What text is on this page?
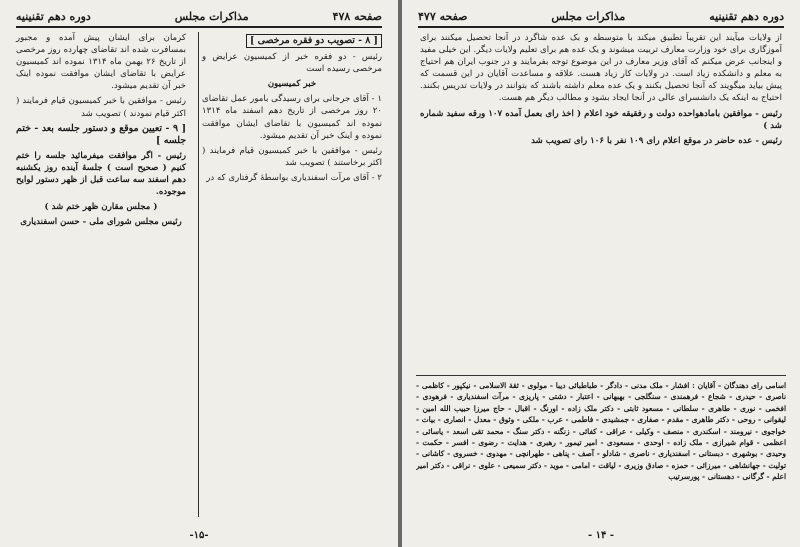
صفحه ۴۷۸
مذاکرات مجلس
دوره دهم تقنینیه
[ ۸ - تصویب دو فقره مرخصی ]

رئیس - دو فقره خبر از کمیسیون عرایض و مرخصی رسیده است

خبر کمیسیون

۱ - آقای جرجانی برای رسیدگی بامور عمل تقاضای ۲۰ روز مرخصی از تاریخ دهم اسفند ماه ۱۳۱۴ نموده اند کمیسیون با تقاضای ایشان موافقت نموده و اینک خبر آن تقدیم میشود.

رئیس - موافقین با خبر کمیسیون قیام فرمایند ( اکثر برخاستند ) تصویب شد

۲ - آقای مرآت اسفندیاری بواسطهٔ گرفتاری که در

کرمان برای ایشان پیش آمده و مجبور بمسافرت شده اند تقاضای چهارده روز مرخصی از تاریخ ۲۶ بهمن ماه ۱۳۱۴ نموده اند کمیسیون عرایض با تقاضای ایشان موافقت نموده اینک خبر آن تقدیم میشود.

رئیس - موافقین با خبر کمیسیون قیام فرمایند ( اکثر قیام نمودند ) تصویب شد

[ ۹ - تعیین موقع و دستور جلسه بعد - ختم جلسه ]

رئیس - اگر موافقت میفرمائید جلسه را ختم کنیم ( صحیح است ) جلسهٔ آینده روز یکشنبه دهم اسفند سه ساعت قبل از ظهر دستور لوایح موجوده.

( مجلس مقارن ظهر ختم شد )

رئیس مجلس شورای ملی - حسن اسفندیاری

-۱۵-
دوره دهم تقنینیه
مذاکرات مجلس
صفحه ۴۷۷

از ولایات میآیند این تقریباً تطبیق میکند با متوسطه و بک عده شاگرد در آنجا تحصیل میکنند برای آموزگاری برای خود وزارت معارف تربیت میشوند و یک عده هم برای تعلیم ولایات دیگر. این خیلی مفید و اینجانب عرض میکنم که آقای وزیر معارف در این موضوع توجه بفرمایند و در جنوب ایران هم احتیاج به معلم و دانشکده زیاد است. در ولایات کار زیاد هست. علاقه و مساعدت آقایان در این قسمت که پیش بیاید میگویند که آنجا تحصیل بکنند و یک عده معلم داشته باشند که بتوانند در ولایات تدریس بکنند. احتیاج به اینکه یک دانشسرای عالی در آنجا ایجاد بشود و مطالب دیگر هم هست.

رئیس - موافقین بامادهواحده دولت و رفقیقه خود اعلام ( اخذ رای بعمل آمده ۱۰۷ ورقه سفید شماره شد )

رئیس - عده حاضر در موقع اعلام رای ۱۰۹ نفر با ۱۰۶ رای تصویب شد

اسامی رای دهندگان - آقایان : افشار - ملک مدنی - دادگر - طباطبائی دیبا - مولوی - ثقة الاسلامی - نیکپور - کاظمی - ناصری - حیدری - شجاع - فرهمندی - سنگلجی - بهبهانی - اعتبار - دشتی - پاریزی - مرآت اسفندیاری - فرهودی - افخمی - نوری - طاهری - سلطانی - مسعود ثابتی - دکتر ملک زاده - اورنگ - اقبال - حاج میرزا حبیب الله امین - لیقوانی - روحی - دکتر طاهری - مقدم - صفاری - جمشیدی - فاطمی - عرب - ملکی - وثوق - معدل - انصاری - بیات - خواجوی - نیرومند - اسکندری - منصف - وکیلی - عراقی - کفائی - زنگنه - دکتر سنگ - محمد تقی اسعد - یاسائی - اعظمی - قوام شیرازی - ملک زاده - اوحدی - مسعودی - امیر تیمور - رهبری - هدایت - رضوی - افسر - حکمت - وحیدی - بوشهری - دبستانی - اسفندیاری - ناصری - شادلو - آصف - پناهی - طهرانچی - مهدوی - خسروی - کاشانی - تولیت - جهانشاهی - میرزائی - حمزه - صادق وزیری - لیاقت - امامی - موید - دکتر سمیعی - علوی - نراقی - دکتر امیر اعلم - گرگانی - دهستانی - پورسرتیب
- ۱۴ -
